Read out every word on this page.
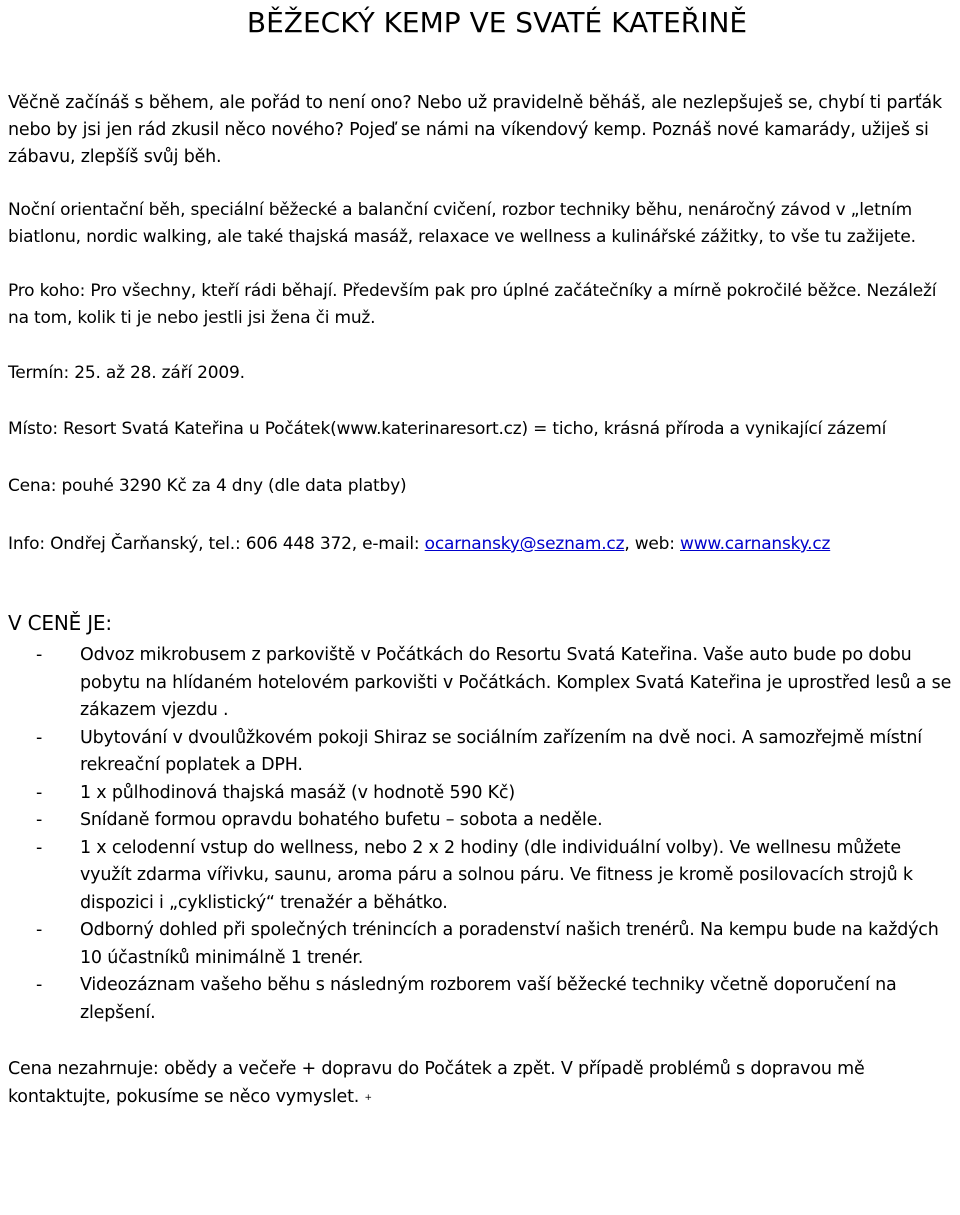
BĚŽECKÝ KEMP VE SVATÉ KATEŘINĚ

Věčně začínáš s během, ale pořád to není ono? Nebo už pravidelně běháš, ale nezlepšuješ se, chybí ti parťák nebo by jsi jen rád zkusil něco nového? Pojeď se námi na víkendový kemp. Poznáš nové kamarády, užiješ si zábavu, zlepšíš svůj běh.

Noční orientační běh, speciální běžecké a balanční cvičení, rozbor techniky běhu, nenáročný závod v „letním biatlonu, nordic walking, ale také thajská masáž, relaxace ve wellness a kulinářské zážitky, to vše tu zažijete.

Pro koho: Pro všechny, kteří rádi běhají. Především pak pro úplné začátečníky a mírně pokročilé běžce. Nezáleží na tom, kolik ti je nebo jestli jsi žena či muž.

Termín: 25. až 28. září 2009.

Místo: Resort Svatá Kateřina u Počátek(www.katerinaresort.cz) = ticho, krásná příroda a vynikající zázemí

Cena: pouhé 3290 Kč za 4 dny (dle data platby)

Info: Ondřej Čarňanský, tel.: 606 448 372, e-mail: ocarnansky@seznam.cz, web: www.carnansky.cz

V CENĚ JE:
- Odvoz mikrobusem z parkoviště v Počátkách do Resortu Svatá Kateřina. Vaše auto bude po dobu pobytu na hlídaném hotelovém parkovišti v Počátkách. Komplex Svatá Kateřina je uprostřed lesů a se zákazem vjezdu .
- Ubytování v dvoulůžkovém pokoji Shiraz se sociálním zařízením na dvě noci. A samozřejmě místní rekreační poplatek a DPH.
- 1 x půlhodinová thajská masáž (v hodnotě 590 Kč)
- Snídaně formou opravdu bohatého bufetu – sobota a neděle.
- 1 x celodenní vstup do wellness, nebo 2 x 2 hodiny (dle individuální volby). Ve wellnesu můžete využít zdarma vířivku, saunu, aroma páru a solnou páru. Ve fitness je kromě posilovacích strojů k dispozici i „cyklistický“ trenažér a běhátko.
- Odborný dohled při společných trénincích a poradenství našich trenérů. Na kempu bude na každých 10 účastníků minimálně 1 trenér.
- Videozáznam vašeho běhu s následným rozborem vaší běžecké techniky včetně doporučení na zlepšení.

Cena nezahrnuje: obědy a večeře + dopravu do Počátek a zpět. V případě problémů s dopravou mě kontaktujte, pokusíme se něco vymyslet. +
